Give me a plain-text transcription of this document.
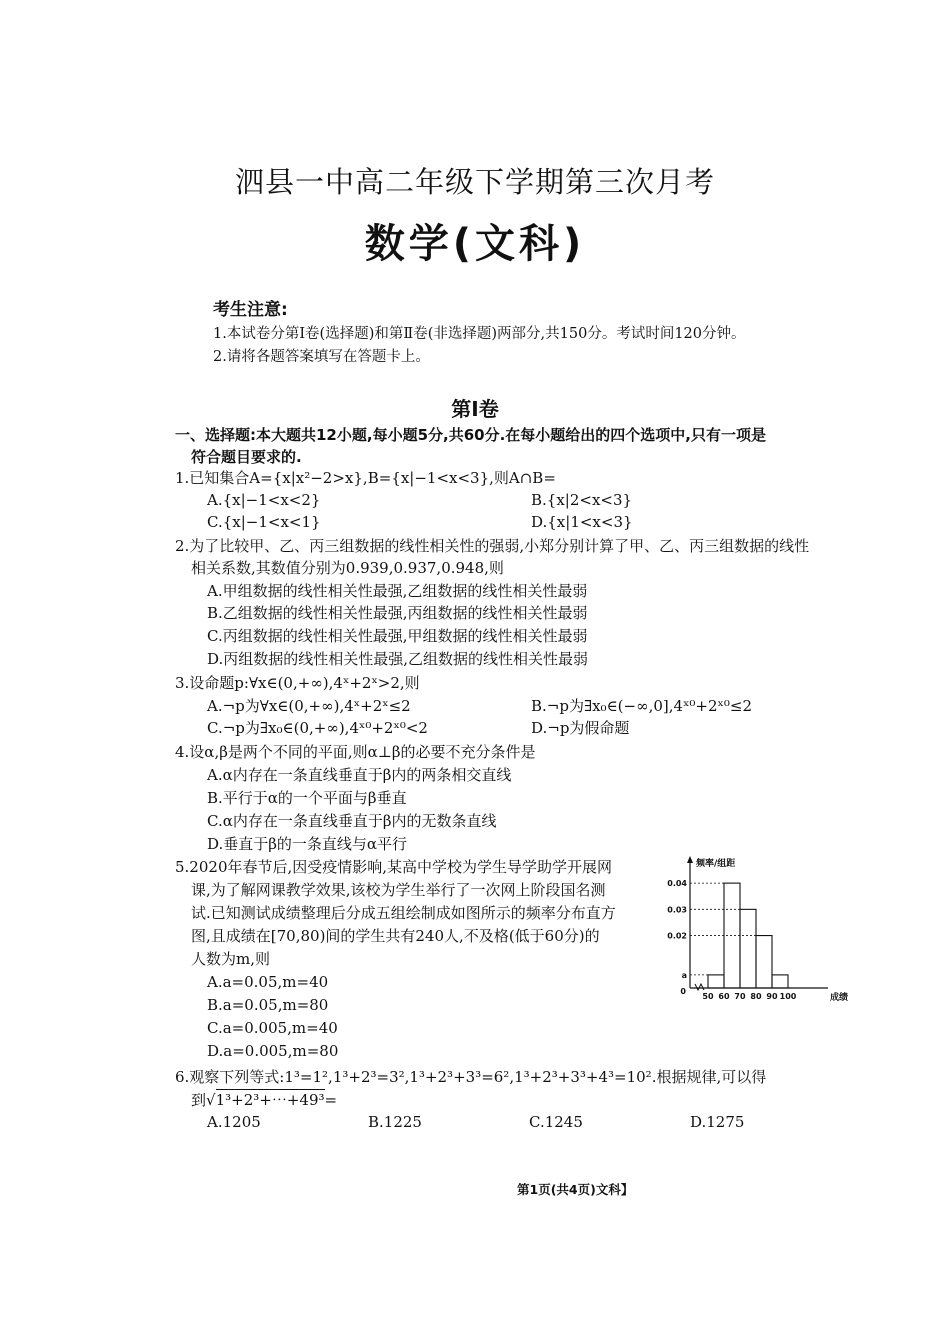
泗县一中高二年级下学期第三次月考
数学(文科)
考生注意:
1.本试卷分第Ⅰ卷(选择题)和第Ⅱ卷(非选择题)两部分,共150分。考试时间120分钟。
2.请将各题答案填写在答题卡上。
第Ⅰ卷
一、选择题:本大题共12小题,每小题5分,共60分.在每小题给出的四个选项中,只有一项是
符合题目要求的.
1.已知集合A={x|x²−2>x},B={x|−1<x<3},则A∩B=
A.{x|−1<x<2}	B.{x|2<x<3}
C.{x|−1<x<1}	D.{x|1<x<3}
2.为了比较甲、乙、丙三组数据的线性相关性的强弱,小郑分别计算了甲、乙、丙三组数据的线性
相关系数,其数值分别为0.939,0.937,0.948,则
A.甲组数据的线性相关性最强,乙组数据的线性相关性最弱
B.乙组数据的线性相关性最强,丙组数据的线性相关性最弱
C.丙组数据的线性相关性最强,甲组数据的线性相关性最弱
D.丙组数据的线性相关性最强,乙组数据的线性相关性最弱
3.设命题p:∀x∈(0,+∞),4ˣ+2ˣ>2,则
A.¬p为∀x∈(0,+∞),4ˣ+2ˣ≤2	B.¬p为∃x₀∈(−∞,0],4ˣ⁰+2ˣ⁰≤2
C.¬p为∃x₀∈(0,+∞),4ˣ⁰+2ˣ⁰<2	D.¬p为假命题
4.设α,β是两个不同的平面,则α⊥β的必要不充分条件是
A.α内存在一条直线垂直于β内的两条相交直线
B.平行于α的一个平面与β垂直
C.α内存在一条直线垂直于β内的无数条直线
D.垂直于β的一条直线与α平行
5.2020年春节后,因受疫情影响,某高中学校为学生导学助学开展网
课,为了解网课教学效果,该校为学生举行了一次网上阶段国名测
试.已知测试成绩整理后分成五组绘制成如图所示的频率分布直方
图,且成绩在[70,80)间的学生共有240人,不及格(低于60分)的
人数为m,则
A.a=0.05,m=40
B.a=0.05,m=80
C.a=0.005,m=40
D.a=0.005,m=80
0.04
0.03
0.02
a
50 60 70 80 90 100
0
频率/组距
成绩
6.观察下列等式:1³=1²,1³+2³=3²,1³+2³+3³=6²,1³+2³+3³+4³=10².根据规律,可以得
到√1³+2³+⋯+49³=
A.1205	B.1225	C.1245	D.1275
第1页(共4页)文科】
